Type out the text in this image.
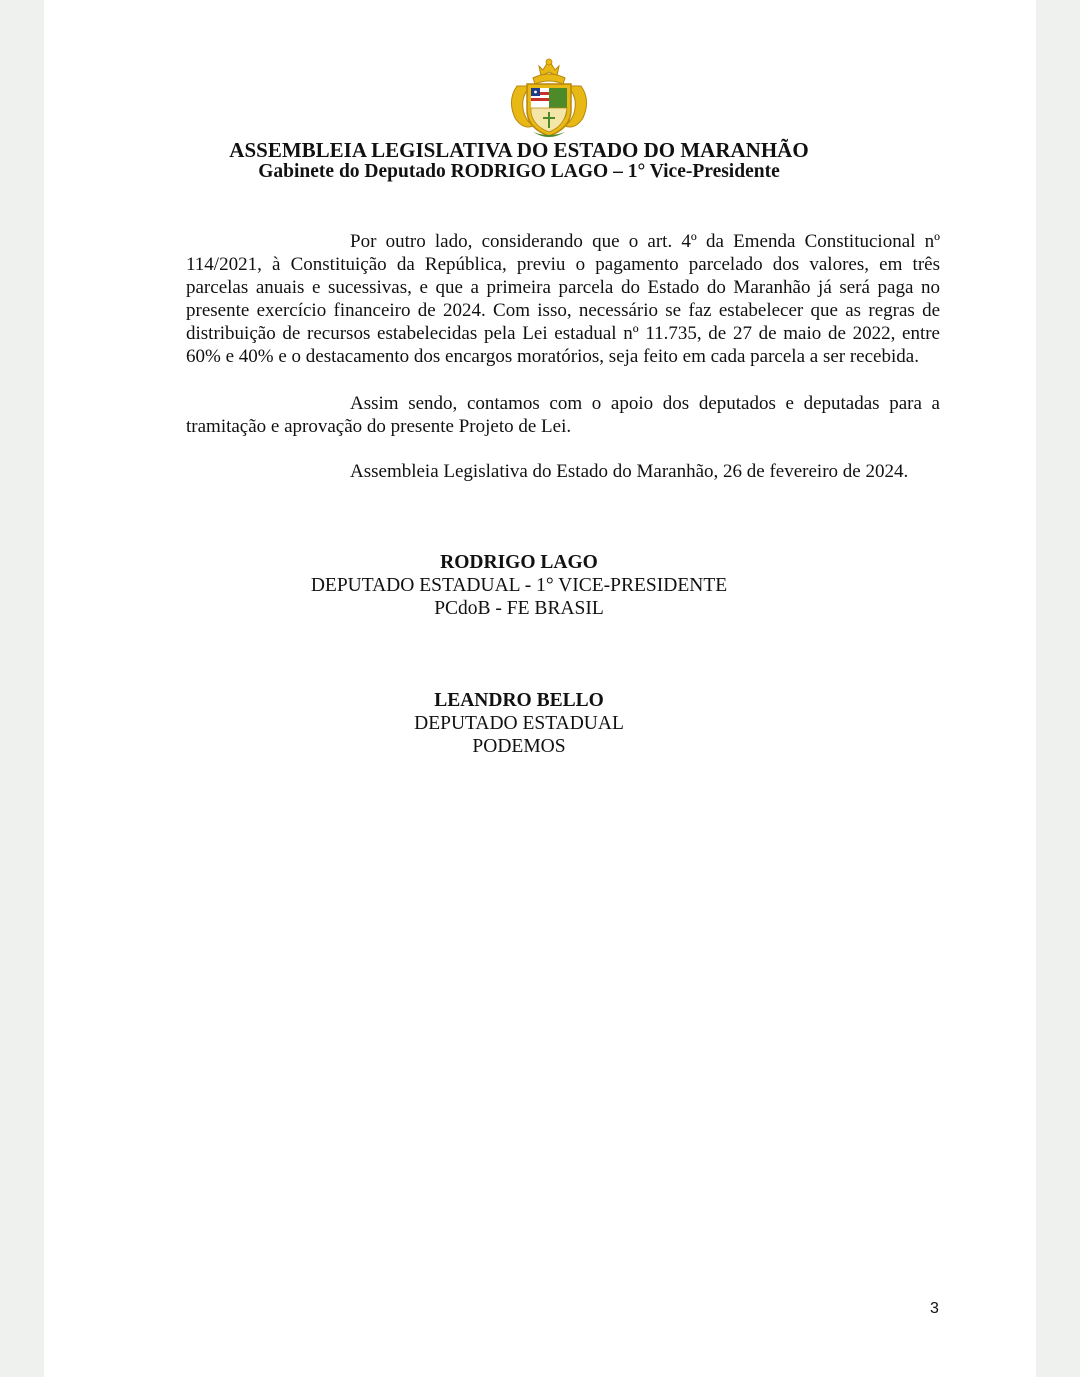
ASSEMBLEIA LEGISLATIVA DO ESTADO DO MARANHÃO
Gabinete do Deputado RODRIGO LAGO – 1° Vice-Presidente

Por outro lado, considerando que o art. 4º da Emenda Constitucional nº 114/2021, à Constituição da República, previu o pagamento parcelado dos valores, em três parcelas anuais e sucessivas, e que a primeira parcela do Estado do Maranhão já será paga no presente exercício financeiro de 2024. Com isso, necessário se faz estabelecer que as regras de distribuição de recursos estabelecidas pela Lei estadual nº 11.735, de 27 de maio de 2022, entre 60% e 40% e o destacamento dos encargos moratórios, seja feito em cada parcela a ser recebida.

Assim sendo, contamos com o apoio dos deputados e deputadas para a tramitação e aprovação do presente Projeto de Lei.

Assembleia Legislativa do Estado do Maranhão, 26 de fevereiro de 2024.

RODRIGO LAGO
DEPUTADO ESTADUAL - 1° VICE-PRESIDENTE
PCdoB - FE BRASIL
LEANDRO BELLO
DEPUTADO ESTADUAL
PODEMOS
3
